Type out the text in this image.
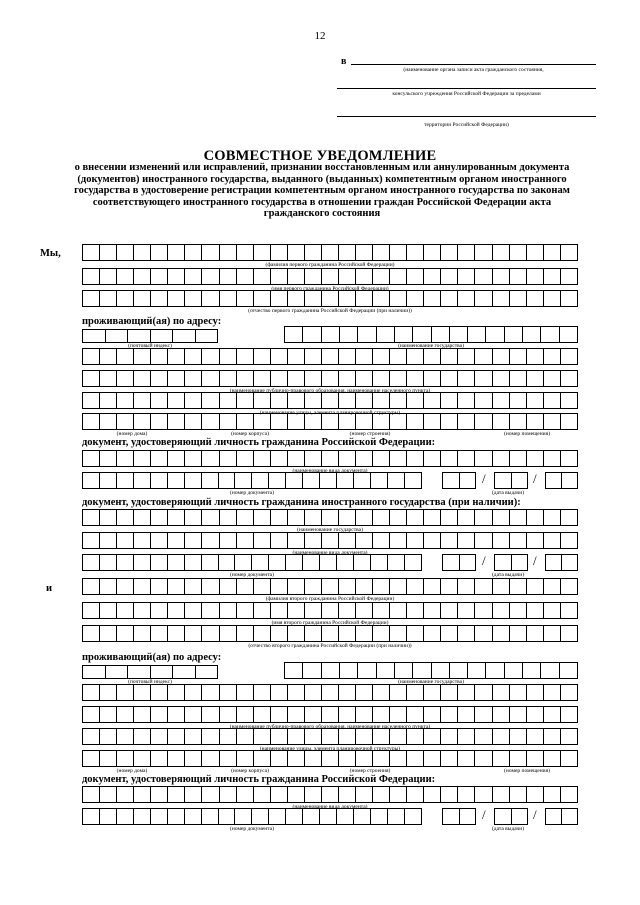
12
в
(наименование органа записи акта гражданского состояния,
консульского учреждения Российской Федерации за пределами
территории Российской Федерации)
СОВМЕСТНОЕ УВЕДОМЛЕНИЕ
о внесении изменений или исправлений, признании восстановленным или аннулированным документа
(документов) иностранного государства, выданного (выданных) компетентным органом иностранного
государства в удостоверение регистрации компетентным органом иностранного государства по законам
соответствующего иностранного государства в отношении граждан Российской Федерации акта
гражданского состояния
Мы,
(фамилия первого гражданина Российской Федерации)
(имя первого гражданина Российской Федерации)
(отчество первого гражданина Российской Федерации (при наличии))
проживающий(ая) по адресу:
(почтовый индекс)	(наименование государства)
(наименование публично-правового образования, наименование населенного пункта)
(наименование улицы, элемента планировочной структуры)
(номер дома)	(номер корпуса)	(номер строения)	(номер помещения)
документ, удостоверяющий личность гражданина Российской Федерации:
(наименование вида документа)	/	/
(номер документа)	(дата выдачи)
документ, удостоверяющий личность гражданина иностранного государства (при наличии):
(наименование государства)
(наименование вида документа)	/	/
(номер документа)	(дата выдачи)
и
(фамилия второго гражданина Российской Федерации)
(имя второго гражданина Российской Федерации)
(отчество второго гражданина Российской Федерации (при наличии))
проживающий(ая) по адресу:
(почтовый индекс)	(наименование государства)
(наименование публично-правового образования, наименование населенного пункта)
(наименование улицы, элемента планировочной структуры)
(номер дома)	(номер корпуса)	(номер строения)	(номер помещения)
документ, удостоверяющий личность гражданина Российской Федерации:
(наименование вида документа)	/	/
(номер документа)	(дата выдачи)
